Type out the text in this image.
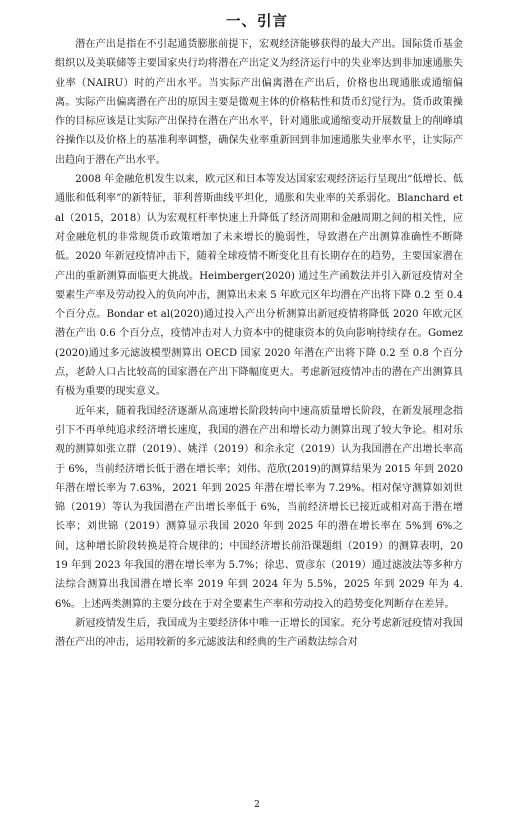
一、引言

潜在产出是指在不引起通货膨胀前提下，宏观经济能够获得的最大产出。国际货币基金组织以及美联储等主要国家央行均将潜在产出定义为经济运行中的失业率达到非加速通胀失业率（NAIRU）时的产出水平。当实际产出偏离潜在产出后，价格也出现通胀或通缩偏离。实际产出偏离潜在产出的原因主要是微观主体的价格粘性和货币幻觉行为。货币政策操作的目标应该是让实际产出保持在潜在产出水平，针对通胀或通缩变动开展数量上的削峰填谷操作以及价格上的基准利率调整，确保失业率重新回到非加速通胀失业率水平，让实际产出趋向于潜在产出水平。

2008 年金融危机发生以来，欧元区和日本等发达国家宏观经济运行呈现出“低增长、低通胀和低利率”的新特征，菲利普斯曲线平坦化，通胀和失业率的关系弱化。Blanchard et al（2015，2018）认为宏观杠杆率快速上升降低了经济周期和金融周期之间的相关性，应对金融危机的非常规货币政策增加了未来增长的脆弱性，导致潜在产出测算准确性不断降低。2020 年新冠疫情冲击下，随着全球疫情不断变化且有长期存在的趋势，主要国家潜在产出的重新测算面临更大挑战。Heimberger(2020) 通过生产函数法并引入新冠疫情对全要素生产率及劳动投入的负向冲击，测算出未来 5 年欧元区年均潜在产出将下降 0.2 至 0.4 个百分点。Bondar et al(2020)通过投入产出分析测算出新冠疫情将降低 2020 年欧元区潜在产出 0.6 个百分点，疫情冲击对人力资本中的健康资本的负向影响持续存在。Gomez(2020)通过多元滤波模型测算出 OECD 国家 2020 年潜在产出将下降 0.2 至 0.8 个百分点，老龄人口占比较高的国家潜在产出下降幅度更大。考虑新冠疫情冲击的潜在产出测算具有极为重要的现实意义。

近年来，随着我国经济逐渐从高速增长阶段转向中速高质量增长阶段，在新发展理念指引下不再单纯追求经济增长速度，我国的潜在产出和增长动力测算出现了较大争论。相对乐观的测算如张立群（2019）、姚洋（2019）和余永定（2019）认为我国潜在产出增长率高于 6%，当前经济增长低于潜在增长率；刘伟、范欣(2019)的测算结果为 2015 年到 2020 年潜在增长率为 7.63%，2021 年到 2025 年潜在增长率为 7.29%。相对保守测算如刘世锦（2019）等认为我国潜在产出增长率低于 6%，当前经济增长已接近或相对高于潜在增长率；刘世锦（2019）测算显示我国 2020 年到 2025 年的潜在增长率在 5%到 6%之间，这种增长阶段转换是符合规律的；中国经济增长前沿课题组（2019）的测算表明，2019 年到 2023 年我国的潜在增长率为 5.7%；徐忠、贾彦东（2019）通过滤波法等多种方法综合测算出我国潜在增长率 2019 年到 2024 年为 5.5%，2025 年到 2029 年为 4.6%。上述两类测算的主要分歧在于对全要素生产率和劳动投入的趋势变化判断存在差异。

新冠疫情发生后，我国成为主要经济体中唯一正增长的国家。充分考虑新冠疫情对我国潜在产出的冲击，运用较新的多元滤波法和经典的生产函数法综合对

2
